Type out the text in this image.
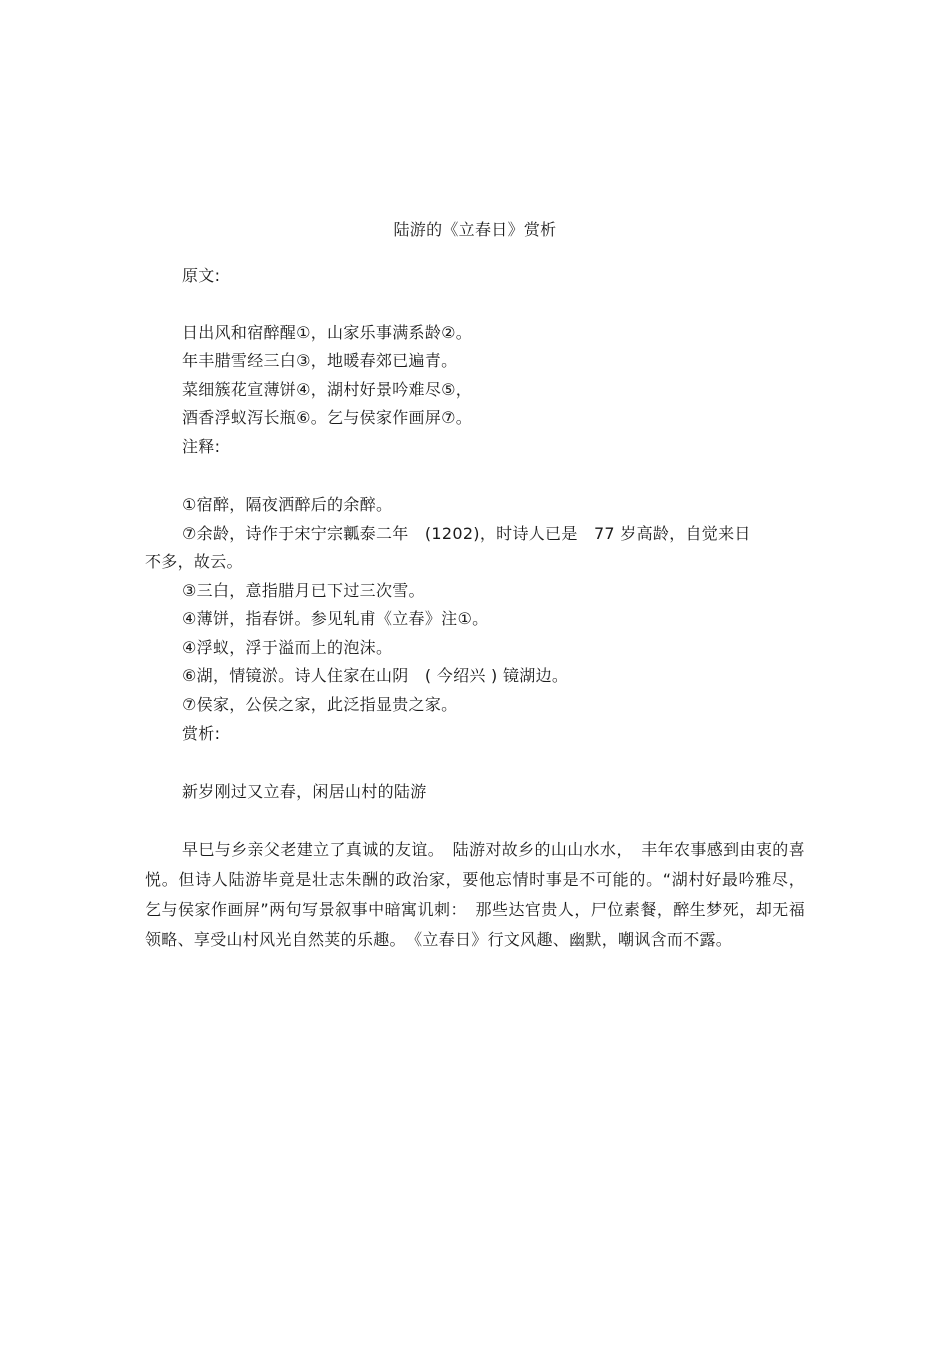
陆游的《立春日》赏析
原文:
日出风和宿醉醒①，山家乐事满系龄②。
年丰腊雪经三白③，地暖春郊已遍青。
菜细簇花宣薄饼④，湖村好景吟难尽⑤，
酒香浮蚁泻长瓶⑥。乞与侯家作画屏⑦。
注释:
①宿醉，隔夜洒醉后的余醉。
⑦余龄，诗作于宋宁宗瓤泰二年　(1202)，时诗人已是　77 岁高龄，自觉来日
不多，故云。
③三白，意指腊月已下过三次雪。
④薄饼，指春饼。参见轧甫《立春》注①。
④浮蚁，浮于溢而上的泡沫。
⑥湖，情镜淤。诗人住家在山阴　( 今绍兴 ) 镜湖边。
⑦侯家，公侯之家，此泛指显贵之家。
赏析:
新岁刚过又立春，闲居山村的陆游
早巳与乡亲父老建立了真诚的友谊。　陆游对故乡的山山水水，　丰年农事感到由衷的喜悦。但诗人陆游毕竟是壮志朱酬的政治家，要他忘情时事是不可能的。“湖村好最吟雅尽，乞与侯家作画屏”两句写景叙事中暗寓讥刺：　那些达官贵人，尸位素餐，醉生梦死，却无福领略、享受山村风光自然荚的乐趣。　《立春日》行文风趣、幽默，嘲讽含而不露。
